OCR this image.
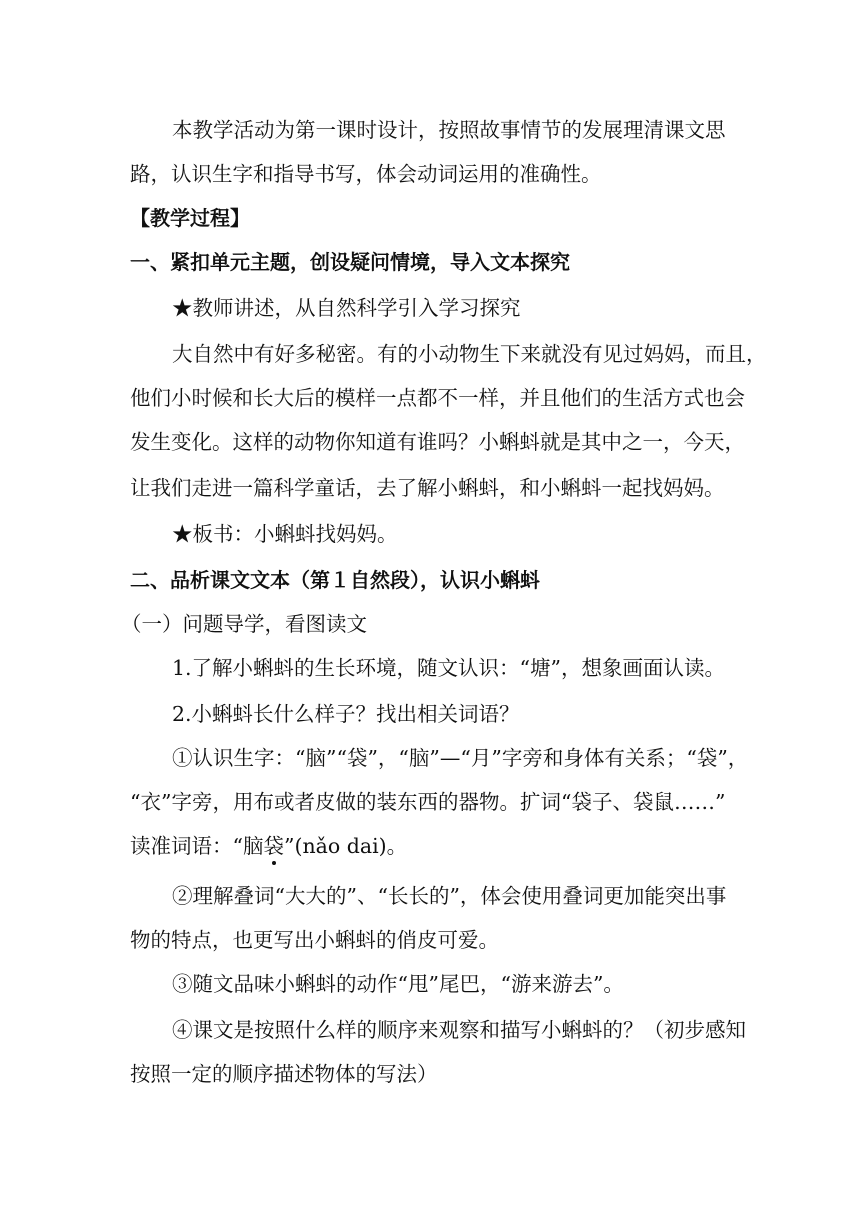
本教学活动为第一课时设计，按照故事情节的发展理清课文思
路，认识生字和指导书写，体会动词运用的准确性。
【教学过程】
一、紧扣单元主题，创设疑问情境，导入文本探究
★教师讲述，从自然科学引入学习探究
大自然中有好多秘密。有的小动物生下来就没有见过妈妈，而且，
他们小时候和长大后的模样一点都不一样，并且他们的生活方式也会
发生变化。这样的动物你知道有谁吗？小蝌蚪就是其中之一，今天，
让我们走进一篇科学童话，去了解小蝌蚪，和小蝌蚪一起找妈妈。
★板书：小蝌蚪找妈妈。
二、品析课文文本（第１自然段），认识小蝌蚪
（一）问题导学，看图读文
1.了解小蝌蚪的生长环境，随文认识：“塘”，想象画面认读。
2.小蝌蚪长什么样子？找出相关词语？
①认识生字：“脑”“袋”，“脑”—“月”字旁和身体有关系；“袋”，
“衣”字旁，用布或者皮做的装东西的器物。扩词“袋子、袋鼠……”
读准词语：“脑袋”(nǎo dai)。
②理解叠词“大大的”、“长长的”，体会使用叠词更加能突出事
物的特点，也更写出小蝌蚪的俏皮可爱。
③随文品味小蝌蚪的动作“甩”尾巴，“游来游去”。
④课文是按照什么样的顺序来观察和描写小蝌蚪的？（初步感知
按照一定的顺序描述物体的写法）
